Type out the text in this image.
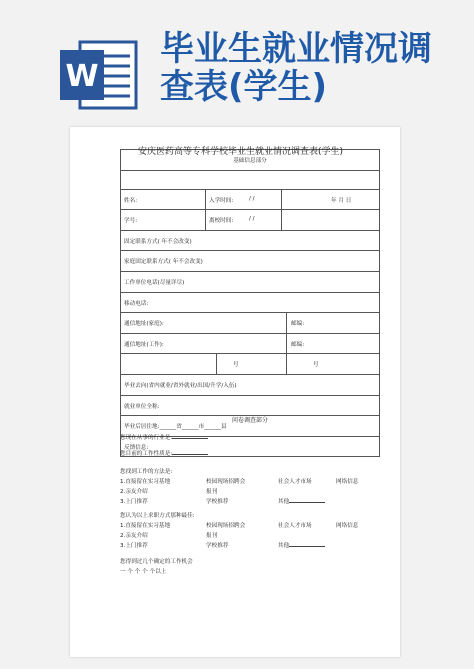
W
毕业生就业情况调
查表(学生)
基础信息部分
姓名:	入学时间:	/ /	年 月 日
学号:	离校时间:	/ /
固定联系方式( 年不会改变)
家庭固定联系方式( 年不会改变)
工作单位电话(尽量详尽)
移动电话:
通信地址(家庭):	邮编:
通信地址(工作):	邮编:
号	号
毕业去向(省内就业/省外就业/出国/升学/入伍)
就业单位全称:
毕业后居住地:______省______市______县
反馈信息:
安庆医药高等专科学校毕业生就业情况调查表(学生)
问卷调查部分
您现在从事的行业是:
您目前的工作性质是:
您找到工作的方法是:
1.直接留在实习基地	校园现场招聘会	社会人才市场	网络信息
2.亲友介绍	报刊
3.上门推荐	学校推荐	其他
您认为以上求职方式那种最佳:
1.直接留在实习基地	校园现场招聘会	社会人才市场	网络信息
2.亲友介绍	报刊
3.上门推荐	学校推荐	其他
您得到过几个确定的工作机会
一 个 个 个 个以上
